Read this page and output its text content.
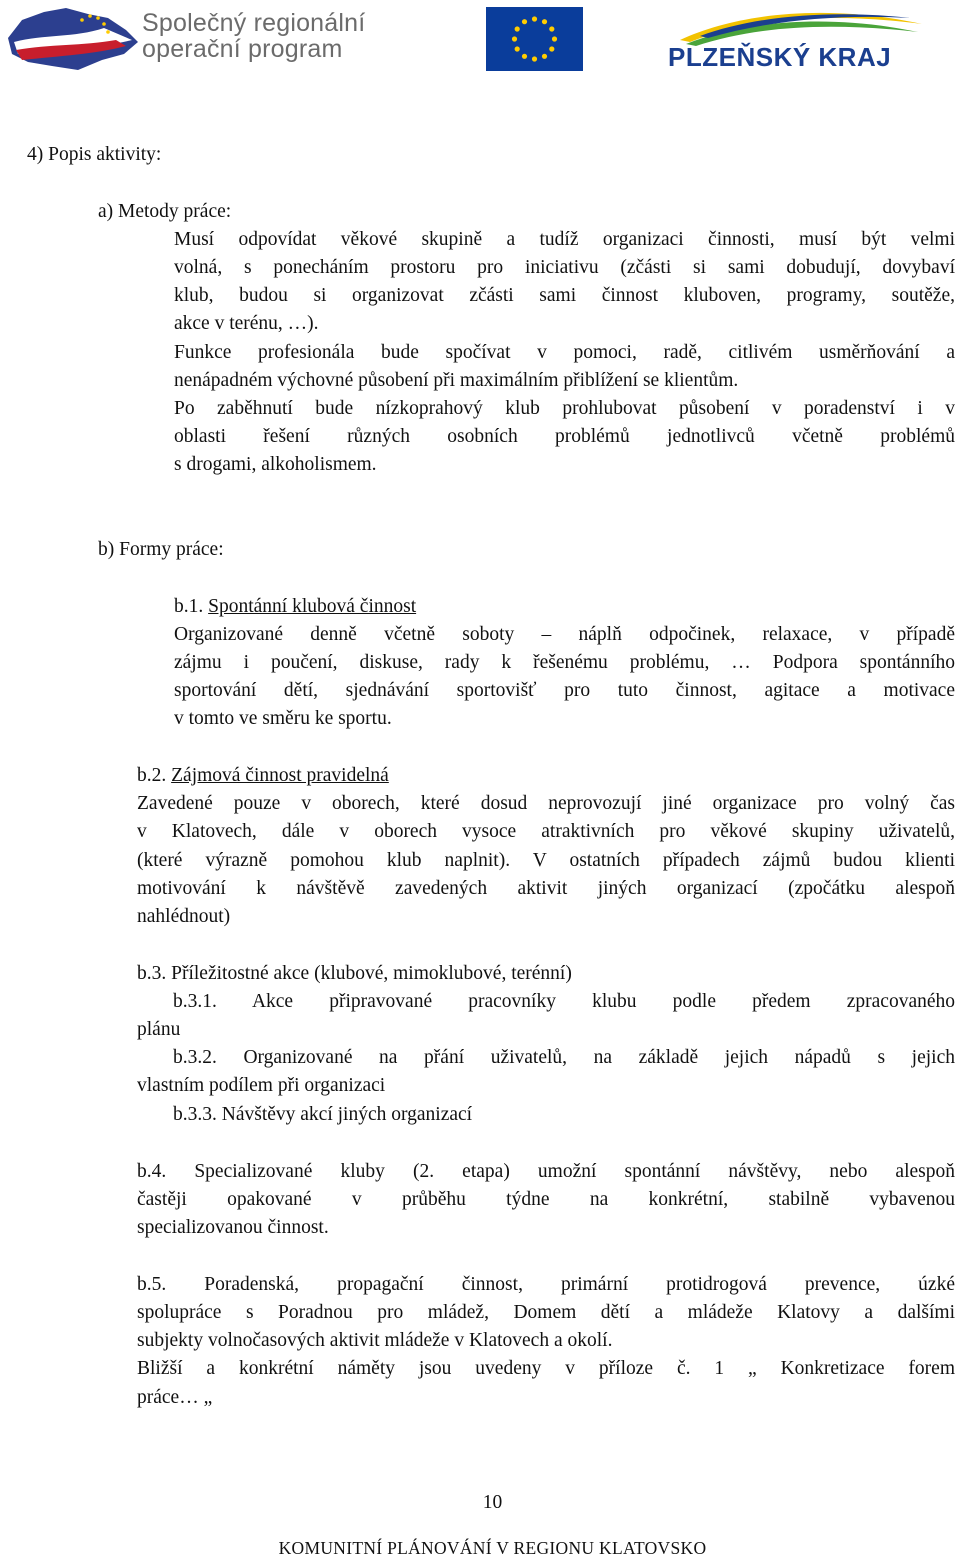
Společný regionální
operační program	PLZEŇSKÝ KRAJ
4) Popis aktivity:
a) Metody práce:
Musí odpovídat věkové skupině a tudíž organizaci činnosti, musí být velmi
volná, s ponecháním prostoru pro iniciativu (zčásti si sami dobudují, dovybaví
klub, budou si organizovat zčásti sami činnost kluboven, programy, soutěže,
akce v terénu, …).
Funkce profesionála bude spočívat v pomoci, radě, citlivém usměrňování a
nenápadném výchovné působení při maximálním přiblížení se klientům.
Po zaběhnutí bude nízkoprahový klub prohlubovat působení v poradenství i v
oblasti řešení různých osobních problémů jednotlivců včetně problémů
s drogami, alkoholismem.
b) Formy práce:
b.1. Spontánní klubová činnost
Organizované denně včetně soboty – náplň odpočinek, relaxace, v případě
zájmu i poučení, diskuse, rady k řešenému problému, … Podpora spontánního
sportování dětí, sjednávání sportovišť pro tuto činnost, agitace a motivace
v tomto ve směru ke sportu.
b.2. Zájmová činnost pravidelná
Zavedené pouze v oborech, které dosud neprovozují jiné organizace pro volný čas
v Klatovech, dále v oborech vysoce atraktivních pro věkové skupiny uživatelů,
(které výrazně pomohou klub naplnit). V ostatních případech zájmů budou klienti
motivování k návštěvě zavedených aktivit jiných organizací (zpočátku alespoň
nahlédnout)
b.3. Příležitostné akce (klubové, mimoklubové, terénní)
b.3.1. Akce připravované pracovníky klubu podle předem zpracovaného
plánu
b.3.2. Organizované na přání uživatelů, na základě jejich nápadů s jejich
vlastním podílem při organizaci
b.3.3. Návštěvy akcí jiných organizací
b.4. Specializované kluby (2. etapa) umožní spontánní návštěvy, nebo alespoň
častěji opakované v průběhu týdne na konkrétní, stabilně vybavenou
specializovanou činnost.
b.5. Poradenská, propagační činnost, primární protidrogová prevence, úzké
spolupráce s Poradnou pro mládež, Domem dětí a mládeže Klatovy a dalšími
subjekty volnočasových aktivit mládeže v Klatovech a okolí.
Bližší a konkrétní náměty jsou uvedeny v příloze č. 1 „ Konkretizace forem
práce… „
10
KOMUNITNÍ PLÁNOVÁNÍ V REGIONU KLATOVSKO
